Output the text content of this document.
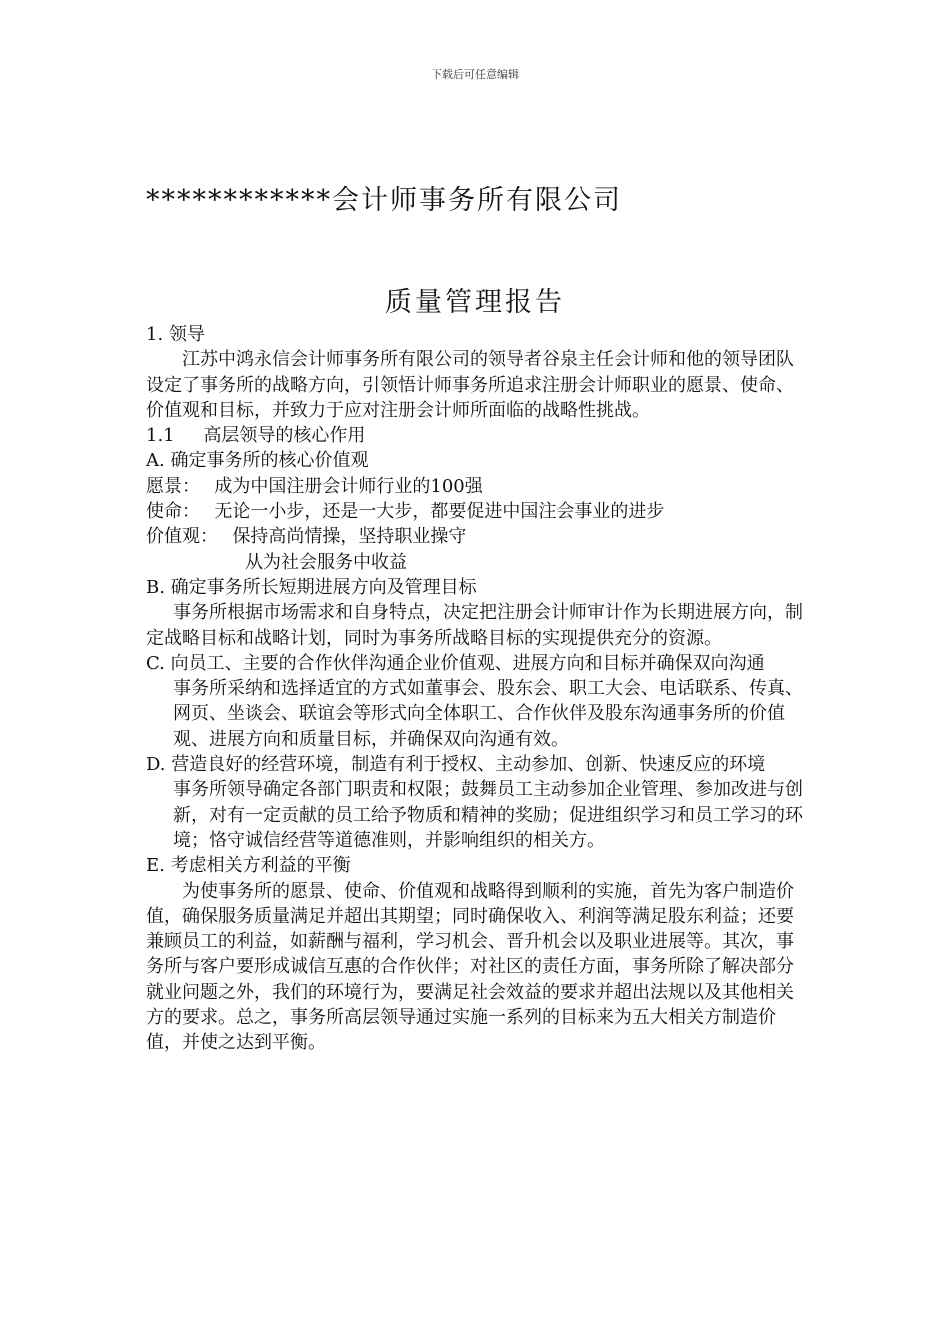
下载后可任意编辑
************会计师事务所有限公司
质量管理报告

1. 领导

江苏中鸿永信会计师事务所有限公司的领导者谷泉主任会计师和他的领导团队设定了事务所的战略方向，引领悟计师事务所追求注册会计师职业的愿景、使命、价值观和目标，并致力于应对注册会计师所面临的战略性挑战。

1.1 高层领导的核心作用

A. 确定事务所的核心价值观

愿景： 成为中国注册会计师行业的100强

使命： 无论一小步，还是一大步，都要促进中国注会事业的进步

价值观： 保持高尚情操，坚持职业操守

从为社会服务中收益

B. 确定事务所长短期进展方向及管理目标

事务所根据市场需求和自身特点，决定把注册会计师审计作为长期进展方向，制定战略目标和战略计划，同时为事务所战略目标的实现提供充分的资源。

C. 向员工、主要的合作伙伴沟通企业价值观、进展方向和目标并确保双向沟通

事务所采纳和选择适宜的方式如董事会、股东会、职工大会、电话联系、传真、网页、坐谈会、联谊会等形式向全体职工、合作伙伴及股东沟通事务所的价值观、进展方向和质量目标，并确保双向沟通有效。

D. 营造良好的经营环境，制造有利于授权、主动参加、创新、快速反应的环境

事务所领导确定各部门职责和权限；鼓舞员工主动参加企业管理、参加改进与创新，对有一定贡献的员工给予物质和精神的奖励；促进组织学习和员工学习的环境；恪守诚信经营等道德准则，并影响组织的相关方。

E. 考虑相关方利益的平衡

为使事务所的愿景、使命、价值观和战略得到顺利的实施，首先为客户制造价值，确保服务质量满足并超出其期望；同时确保收入、利润等满足股东利益；还要兼顾员工的利益，如薪酬与福利，学习机会、晋升机会以及职业进展等。其次，事务所与客户要形成诚信互惠的合作伙伴；对社区的责任方面，事务所除了解决部分就业问题之外，我们的环境行为，要满足社会效益的要求并超出法规以及其他相关方的要求。总之，事务所高层领导通过实施一系列的目标来为五大相关方制造价值，并使之达到平衡。
